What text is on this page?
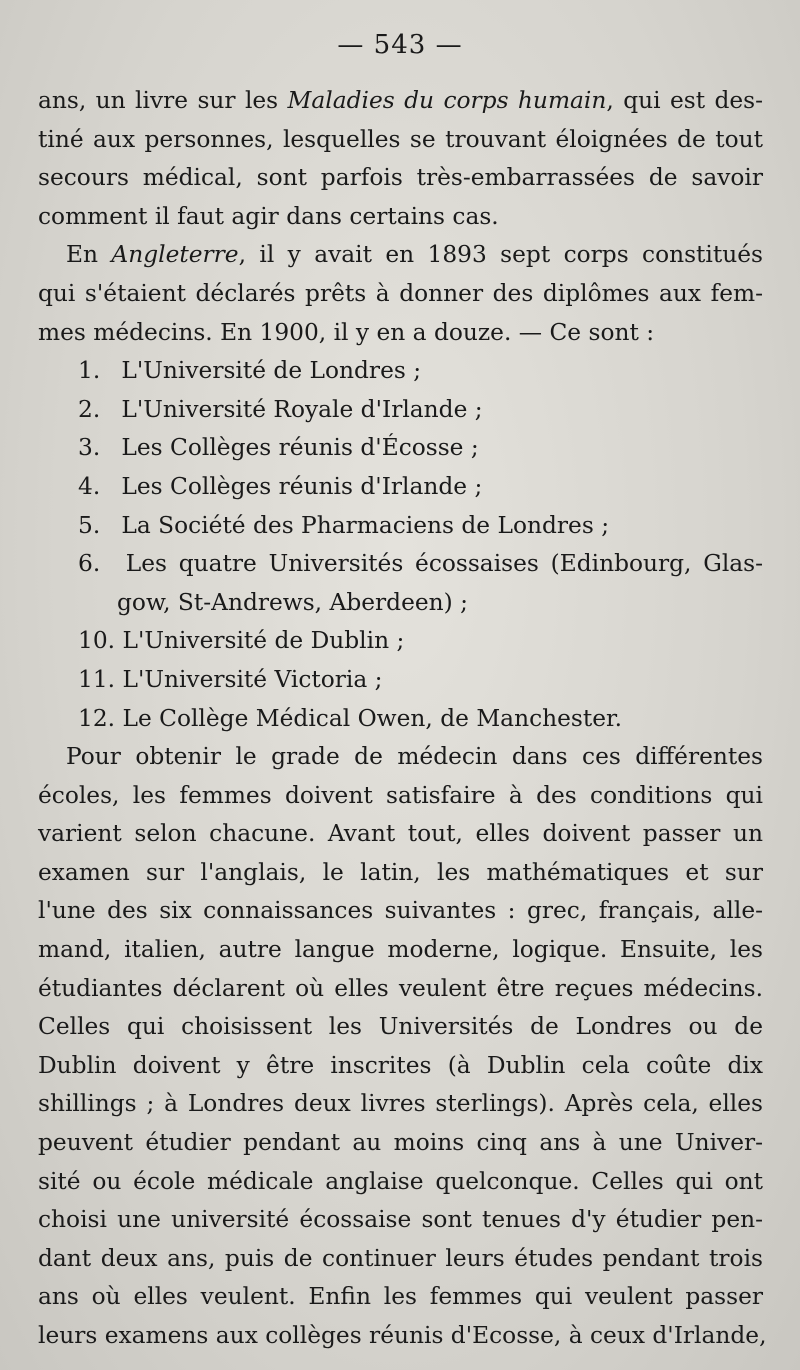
— 543 —
ans, un livre sur les Maladies du corps humain, qui est des-
tiné aux personnes, lesquelles se trouvant éloignées de tout
secours médical, sont parfois très-embarrassées de savoir
comment il faut agir dans certains cas.
En Angleterre, il y avait en 1893 sept corps constitués
qui s'étaient déclarés prêts à donner des diplômes aux fem-
mes médecins. En 1900, il y en a douze. — Ce sont :
1. L'Université de Londres ;
2. L'Université Royale d'Irlande ;
3. Les Collèges réunis d'Écosse ;
4. Les Collèges réunis d'Irlande ;
5. La Société des Pharmaciens de Londres ;
6. Les quatre Universités écossaises (Edinbourg, Glas-
gow, St-Andrews, Aberdeen) ;
10. L'Université de Dublin ;
11. L'Université Victoria ;
12. Le Collège Médical Owen, de Manchester.
Pour obtenir le grade de médecin dans ces différentes
écoles, les femmes doivent satisfaire à des conditions qui
varient selon chacune. Avant tout, elles doivent passer un
examen sur l'anglais, le latin, les mathématiques et sur
l'une des six connaissances suivantes : grec, français, alle-
mand, italien, autre langue moderne, logique. Ensuite, les
étudiantes déclarent où elles veulent être reçues médecins.
Celles qui choisissent les Universités de Londres ou de
Dublin doivent y être inscrites (à Dublin cela coûte dix
shillings ; à Londres deux livres sterlings). Après cela, elles
peuvent étudier pendant au moins cinq ans à une Univer-
sité ou école médicale anglaise quelconque. Celles qui ont
choisi une université écossaise sont tenues d'y étudier pen-
dant deux ans, puis de continuer leurs études pendant trois
ans où elles veulent. Enfin les femmes qui veulent passer
leurs examens aux collèges réunis d'Ecosse, à ceux d'Irlande,
